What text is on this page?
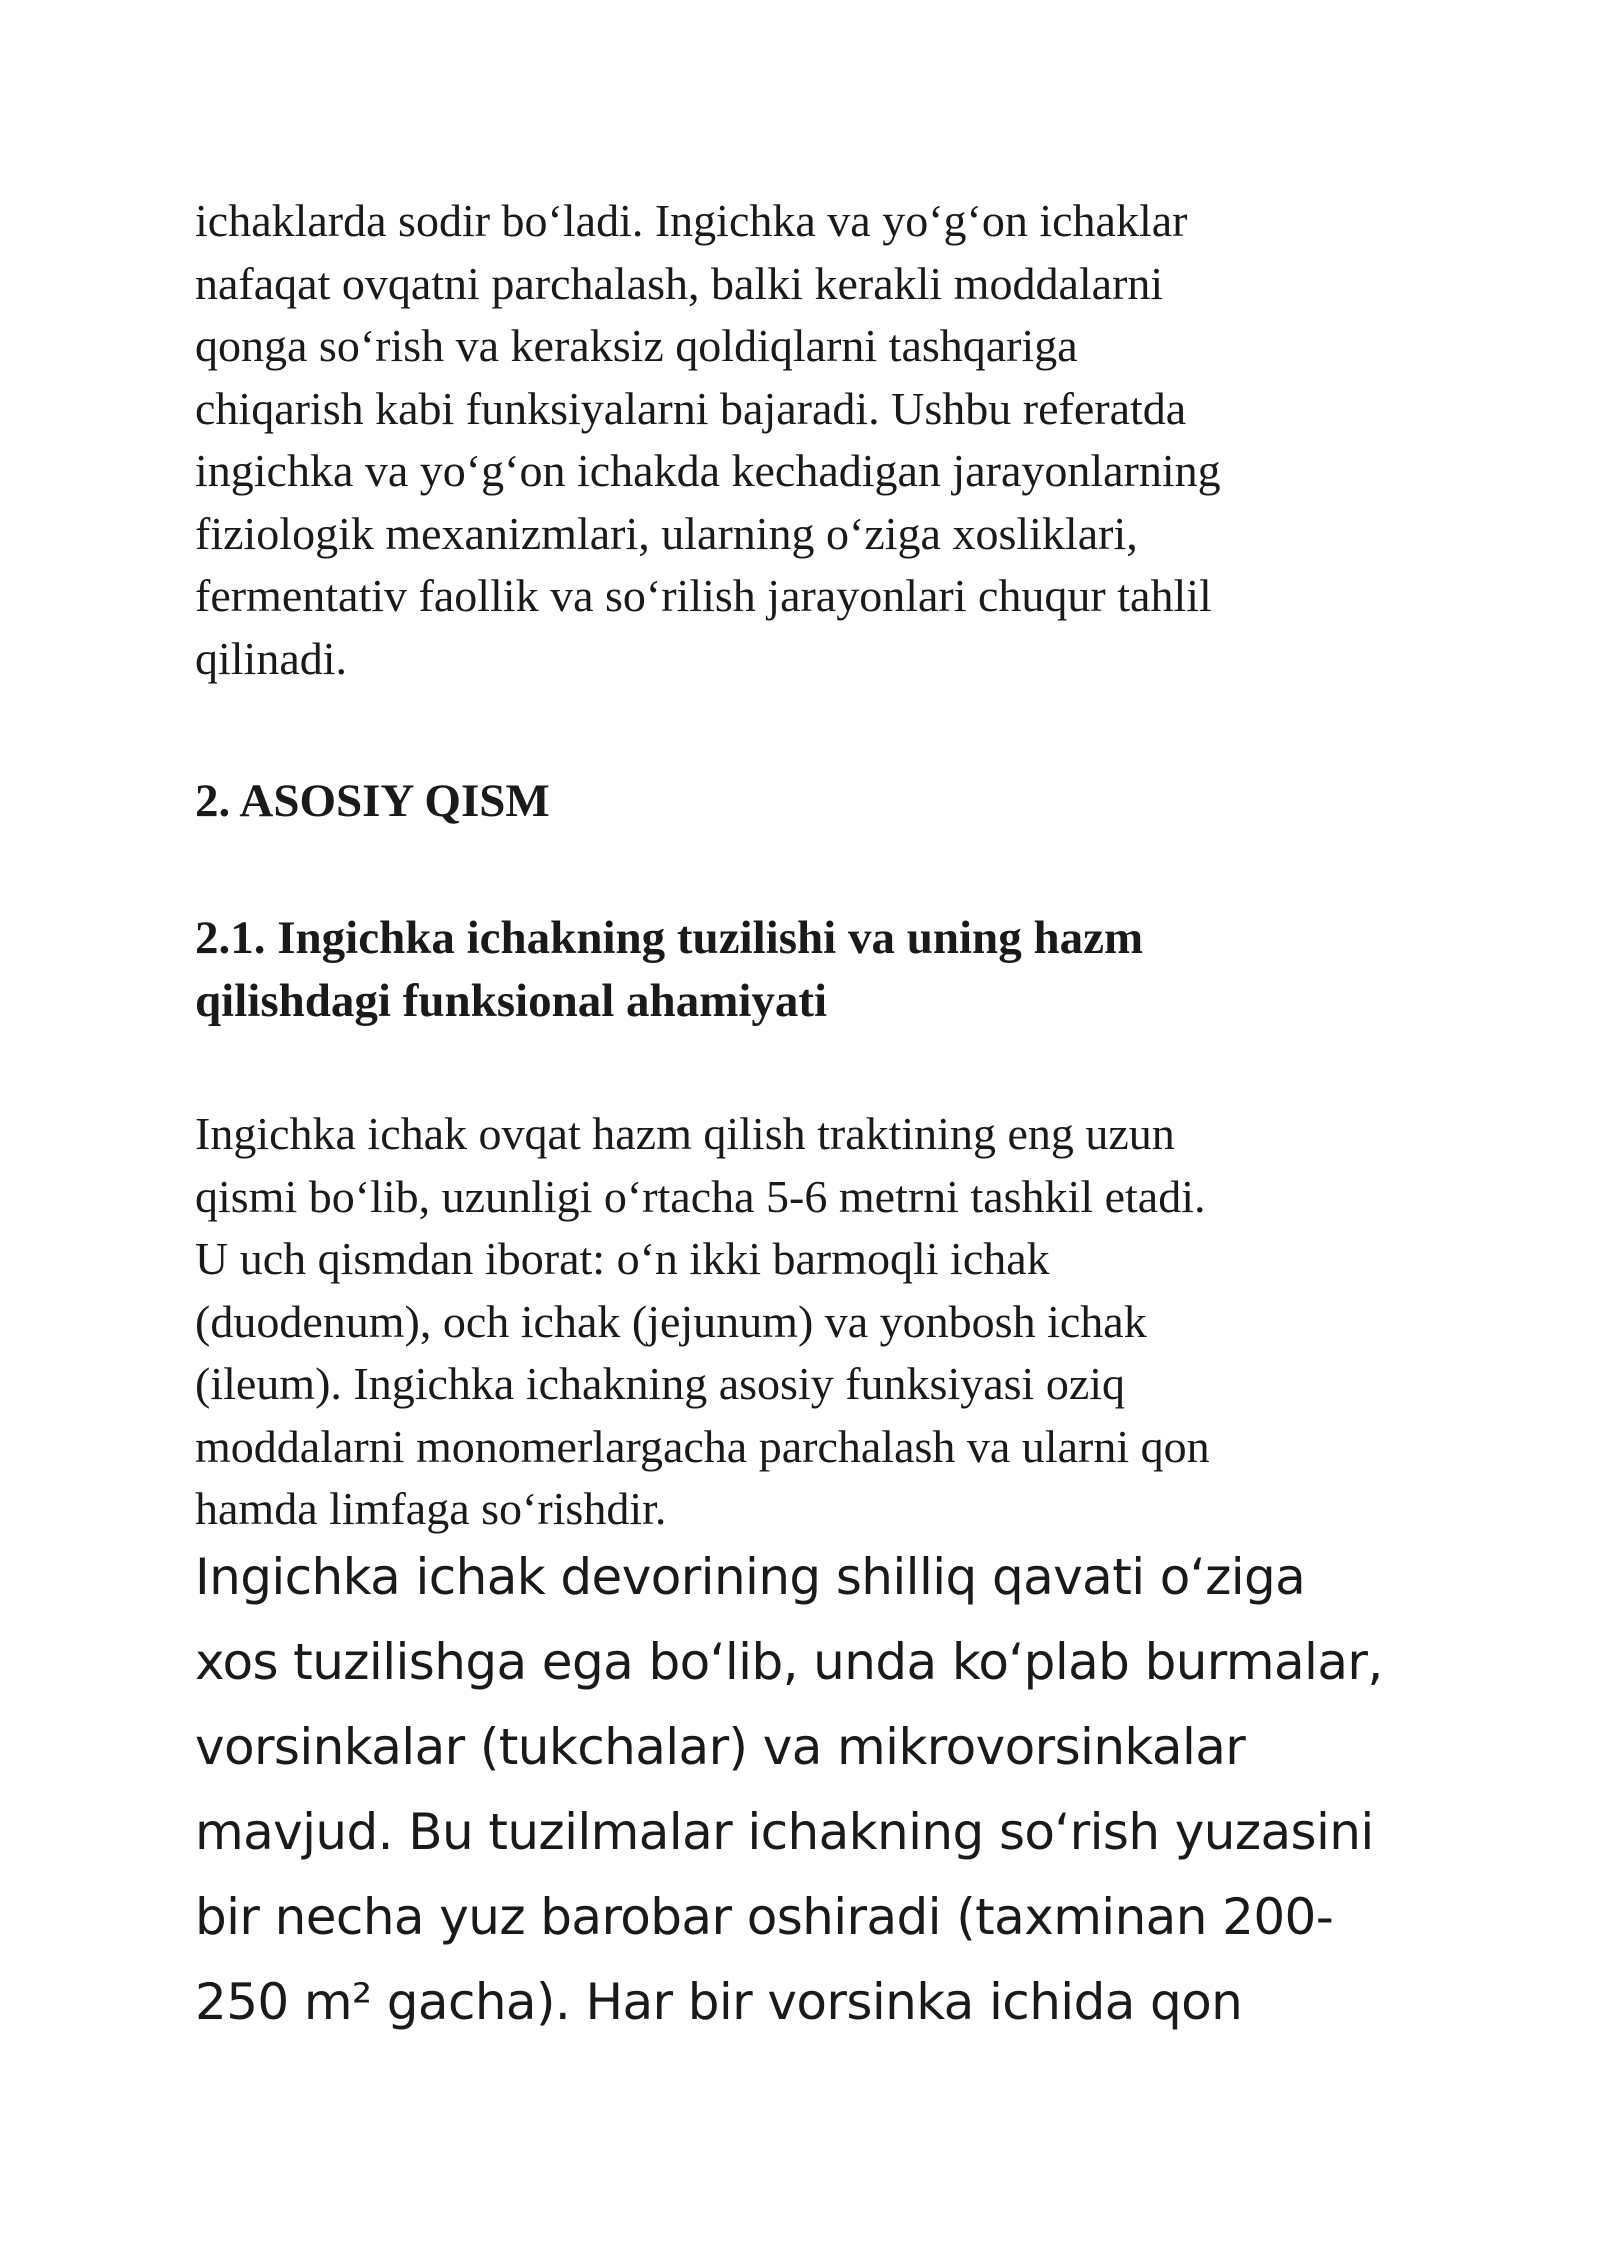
ichaklarda sodir bo‘ladi. Ingichka va yo‘g‘on ichaklar
nafaqat ovqatni parchalash, balki kerakli moddalarni
qonga so‘rish va keraksiz qoldiqlarni tashqariga
chiqarish kabi funksiyalarni bajaradi. Ushbu referatda
ingichka va yo‘g‘on ichakda kechadigan jarayonlarning
fiziologik mexanizmlari, ularning o‘ziga xosliklari,
fermentativ faollik va so‘rilish jarayonlari chuqur tahlil
qilinadi.

2. ASOSIY QISM
2.1. Ingichka ichakning tuzilishi va uning hazm
qilishdagi funksional ahamiyati

Ingichka ichak ovqat hazm qilish traktining eng uzun
qismi bo‘lib, uzunligi o‘rtacha 5-6 metrni tashkil etadi.
U uch qismdan iborat: o‘n ikki barmoqli ichak
(duodenum), och ichak (jejunum) va yonbosh ichak
(ileum). Ingichka ichakning asosiy funksiyasi oziq
moddalarni monomerlargacha parchalash va ularni qon
hamda limfaga so‘rishdir.

Ingichka ichak devorining shilliq qavati oʻziga
xos tuzilishga ega boʻlib, unda koʻplab burmalar,
vorsinkalar (tukchalar) va mikrovorsinkalar
mavjud. Bu tuzilmalar ichakning soʻrish yuzasini
bir necha yuz barobar oshiradi (taxminan 200-
250 m² gacha). Har bir vorsinka ichida qon
